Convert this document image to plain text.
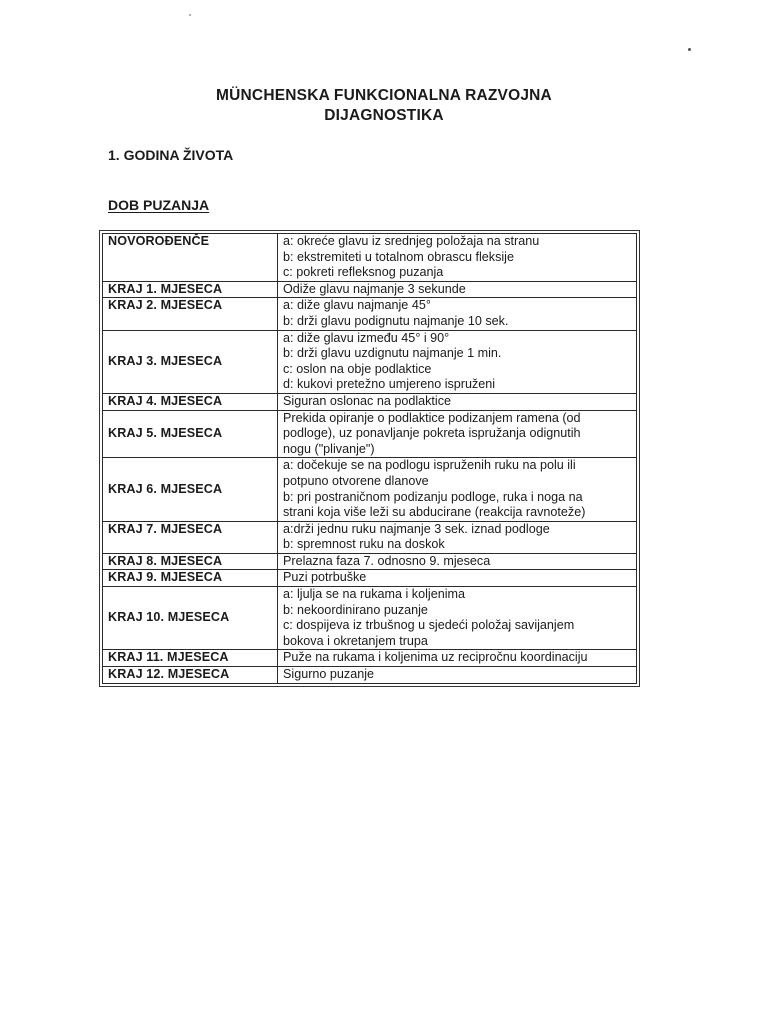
MÜNCHENSKA FUNKCIONALNA RAZVOJNA
DIJAGNOSTIKA
1. GODINA ŽIVOTA
DOB PUZANJA
NOVOROĐENČE	a: okreće glavu iz srednjeg položaja na stranu
b: ekstremiteti u totalnom obrascu fleksije
c: pokreti refleksnog puzanja

KRAJ 1. MJESECA	Odiže glavu najmanje 3 sekunde

KRAJ 2. MJESECA	a: diže glavu najmanje 45°
b: drži glavu podignutu najmanje 10 sek.

KRAJ 3. MJESECA	a: diže glavu između 45° i 90°
b: drži glavu uzdignutu najmanje 1 min.
c: oslon na obje podlaktice
d: kukovi pretežno umjereno ispruženi

KRAJ 4. MJESECA	Siguran oslonac na podlaktice

KRAJ 5. MJESECA	Prekida opiranje o podlaktice podizanjem ramena (od
podloge), uz ponavljanje pokreta ispružanja odignutih
nogu ("plivanje")

KRAJ 6. MJESECA	a: dočekuje se na podlogu ispruženih ruku na polu ili
potpuno otvorene dlanove
b: pri postraničnom podizanju podloge, ruka i noga na
strani koja više leži su abducirane (reakcija ravnoteže)

KRAJ 7. MJESECA	a:drži jednu ruku najmanje 3 sek. iznad podloge
b: spremnost ruku na doskok

KRAJ 8. MJESECA	Prelazna faza 7. odnosno 9. mjeseca

KRAJ 9. MJESECA	Puzi potrbuške

KRAJ 10. MJESECA	a: ljulja se na rukama i koljenima
b: nekoordinirano puzanje
c: dospijeva iz trbušnog u sjedeći položaj savijanjem
bokova i okretanjem trupa

KRAJ 11. MJESECA	Puže na rukama i koljenima uz recipročnu koordinaciju

KRAJ 12. MJESECA	Sigurno puzanje
